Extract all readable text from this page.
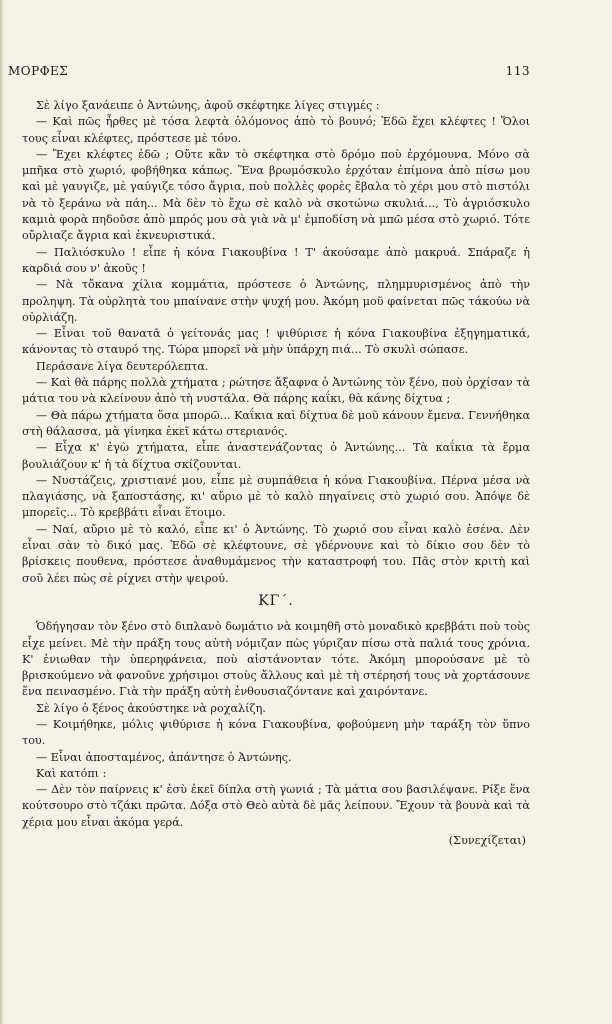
ΜΟΡΦΕΣ	113

Σὲ λίγο ξανάειπε ὁ Ἀντώνης, ἀφοῦ σκέφτηκε λίγες στιγμές :

— Καὶ πῶς ἦρθες μὲ τόσα λεφτὰ ὁλόμονος ἀπὸ τὸ βουνό; Ἐδῶ ἔχει κλέφτες ! Ὅλοι τους εἶναι κλέφτες, πρόστεσε μὲ τόνο.

— Ἔχει κλέφτες ἐδῶ ; Οὔτε κἂν τὸ σκέφτηκα στὸ δρόμο ποὺ ἐρχόμουνα. Μόνο σὰ μπῆκα στὸ χωριό, φοβήθηκα κάπως. Ἕνα βρωμόσκυλο ἐρχόταν ἐπίμονα ἀπὸ πίσω μου καὶ μὲ γαυγιζε, μὲ γαύγιζε τόσο ἄγρια, ποὺ πολλὲς φορὲς ἔβαλα τὸ χέρι μου στὸ πιστόλι νὰ τὸ ξεράνω νὰ πάη... Μὰ δὲν τὸ ἔχω σὲ καλὸ νὰ σκοτώνω σκυλιά..., Τὸ ἀγριόσκυλο καμιὰ φορὰ πηδοῦσε ἀπὸ μπρός μου σὰ γιὰ νὰ μ' ἐμποδίση νὰ μπῶ μέσα στὸ χωριό. Τότε οὔρλιαζε ἄγρια καὶ ἐκνευριστικά.

— Παλιόσκυλο ! εἶπε ἡ κόνα Γιακουβίνα ! Τ' ἀκούσαμε ἀπὸ μακρυά. Σπάραζε ἡ καρδιά σου ν' ἀκοῦς !

— Νὰ τὄκανα χίλια κομμάτια, πρόστεσε ὁ Ἀντώνης, πλημμυρισμένος ἀπὸ τὴν προληψη. Τὰ οὐρλητὰ του μπαίνανε στὴν ψυχή μου. Ἀκόμη μοῦ φαίνεται πῶς τάκούω νὰ οὐρλιάζη.

— Εἶναι τοῦ θανατᾶ ὁ γείτονάς μας ! ψιθύρισε ἡ κόνα Γιακουβίνα ἐξηγηματικά, κάνοντας τὸ σταυρό της. Τώρα μπορεῖ νὰ μὴν ὑπάρχη πιά... Τὸ σκυλὶ σώπασε.

Περάσανε λίγα δευτερόλεπτα.

— Καὶ θὰ πάρης πολλὰ χτήματα ; ρώτησε ἄξαφνα ὁ Ἀντώνης τὸν ξένο, ποὺ ὀρχίσαν τὰ μάτια του νὰ κλείνουν ἀπὸ τὴ νυστάλα. Θὰ πάρης καΐκι, θὰ κάνης δίχτυα ;

— Θὰ πάρω χτήματα ὅσα μπορῶ... Καΐκια καὶ δίχτυα δὲ μοῦ κάνουν ἔμενα. Γεννήθηκα στὴ θάλασσα, μὰ γίνηκα ἐκεῖ κάτω στεριανός.

— Εἶχα κ' ἐγὼ χτήματα, εἶπε ἀναστενάζοντας ὁ Ἀντώνης... Τὰ καΐκια τὰ ἔρμα βουλιάζουν κ' ἡ τὰ δίχτυα σκίζουνται.

— Νυστάζεις, χριστιανέ μου, εἶπε μὲ συμπάθεια ἡ κόνα Γιακουβίνα. Πέρνα μέσα νὰ πλαγιάσης, νὰ ξαποστάσης, κι' αὔριο μὲ τὸ καλὸ πηγαίνεις στὸ χωριό σου. Ἀπόψε δὲ μπορεῖς... Τὸ κρεββάτι εἶναι ἕτοιμο.

— Ναί, αὔριο μὲ τὸ καλό, εἶπε κι' ὁ Ἀντώνης. Τὸ χωριό σου εἶναι καλὸ ἐσένα. Δὲν εἶναι σὰν τὸ δικό μας. Ἐδῶ σὲ κλέφτουνε, σὲ γδέρνουνε καὶ τὸ δίκιο σου δὲν τὸ βρίσκεις πουθενα, πρόστεσε ἀναθυμάμενος τὴν καταστροφή του. Πᾶς στὸν κριτὴ καὶ σοῦ λέει πὼς σὲ ρίχνει στὴν ψειρού.

ΚΓ΄.

Ὁδήγησαν τὸν ξένο στὸ διπλανὸ δωμάτιο νὰ κοιμηθῆ στὸ μοναδικὸ κρεββάτι ποὺ τοὺς εἶχε μείνει. Μὲ τὴν πράξη τους αὐτὴ νόμιζαν πὼς γύριζαν πίσω στὰ παλιά τους χρόνια. Κ' ἐνιωθαν τὴν ὑπερηφάνεια, ποὺ αἰστάνονταν τότε. Ἀκόμη μπορούσανε μὲ τὸ βρισκούμενο νὰ φανοῦνε χρήσιμοι στοὺς ἄλλους καὶ μὲ τὴ στέρησή τους νὰ χορτάσουνε ἕνα πεινασμένο. Γιὰ τὴν πράξη αὐτὴ ἐνθουσιαζόντανε καὶ χαιρόντανε.

Σὲ λίγο ὁ ξένος ἀκούστηκε νὰ ροχαλίζη.

— Κοιμήθηκε, μόλις ψιθύρισε ἡ κόνα Γιακουβίνα, φοβούμενη μὴν ταράξη τὸν ὕπνο του.

— Εἶναι ἀποσταμένος, ἀπάντησε ὁ Ἀντώνης.

Καὶ κατόπι :

— Δὲν τὸν παίρνεις κ' ἐσὺ ἐκεῖ δίπλα στὴ γωνιά ; Τὰ μάτια σου βασιλέψανε. Ρίξε ἕνα κούτσουρο στὸ τζάκι πρῶτα. Δόξα στὸ Θεὸ αὐτὰ δὲ μᾶς λείπουν. Ἔχουν τὰ βουνὰ καὶ τὰ χέρια μου εἶναι ἀκόμα γερά.

(Συνεχίζεται)
